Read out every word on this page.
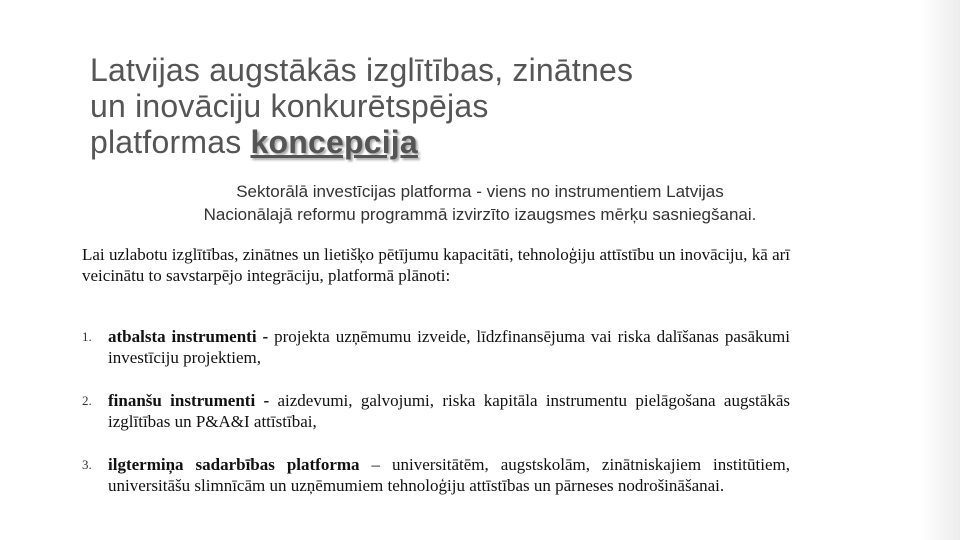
Latvijas augstākās izglītības, zinātnes
un inovāciju konkurētspējas
platformas koncepcija
Sektorālā investīcijas platforma - viens no instrumentiem Latvijas
Nacionālajā reformu programmā izvirzīto izaugsmes mērķu sasniegšanai.

Lai uzlabotu izglītības, zinātnes un lietišķo pētījumu kapacitāti, tehnoloģiju attīstību un inovāciju, kā arī veicinātu to savstarpējo integrāciju, platformā plānoti:

1. atbalsta instrumenti - projekta uzņēmumu izveide, līdzfinansējuma vai riska dalīšanas pasākumi investīciju projektiem,
2. finanšu instrumenti - aizdevumi, galvojumi, riska kapitāla instrumentu pielāgošana augstākās izglītības un P&A&I attīstībai,
3. ilgtermiņa sadarbības platforma – universitātēm, augstskolām, zinātniskajiem institūtiem, universitāšu slimnīcām un uzņēmumiem tehnoloģiju attīstības un pārneses nodrošināšanai.
